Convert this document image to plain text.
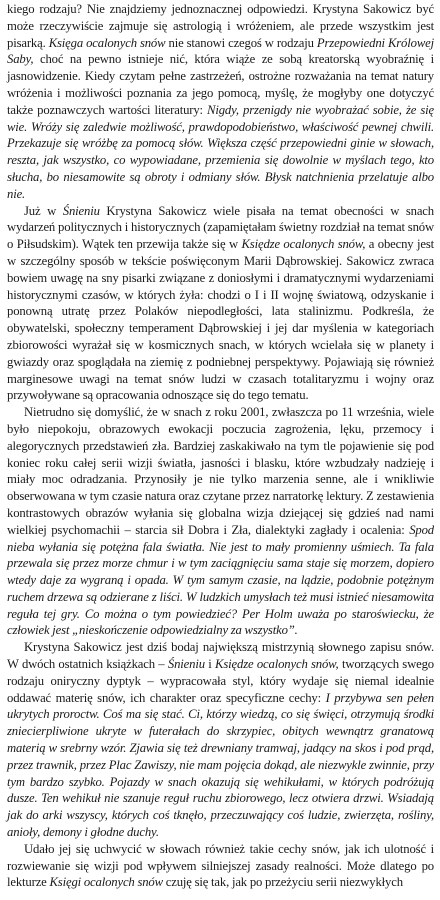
kiego rodzaju? Nie znajdziemy jednoznacznej odpowiedzi. Krystyna Sakowicz być może rzeczywiście zajmuje się astrologią i wróżeniem, ale przede wszystkim jest pisarką. Księga ocalonych snów nie stanowi czegoś w rodzaju Przepowiedni Królowej Saby, choć na pewno istnieje nić, która wiąże ze sobą kreatorską wyobraźnię i jasnowidzenie. Kiedy czytam pełne zastrzeżeń, ostrożne rozważania na temat natury wróżenia i możliwości poznania za jego pomocą, myślę, że mogłyby one dotyczyć także poznawczych wartości literatury: Nigdy, przenigdy nie wyobrażać sobie, że się wie. Wróży się zaledwie możliwość, prawdopodobieństwo, właściwość pewnej chwili. Przekazuje się wróżbę za pomocą słów. Większa część przepowiedni ginie w słowach, reszta, jak wszystko, co wypowiadane, przemienia się dowolnie w myślach tego, kto słucha, bo niesamowite są obroty i odmiany słów. Błysk natchnienia przelatuje albo nie.

Już w Śnieniu Krystyna Sakowicz wiele pisała na temat obecności w snach wydarzeń politycznych i historycznych (zapamiętałam świetny rozdział na temat snów o Piłsudskim). Wątek ten przewija także się w Księdze ocalonych snów, a obecny jest w szczególny sposób w tekście poświęconym Marii Dąbrowskiej. Sakowicz zwraca bowiem uwagę na sny pisarki związane z doniosłymi i dramatycznymi wydarzeniami historycznymi czasów, w których żyła: chodzi o I i II wojnę światową, odzyskanie i ponowną utratę przez Polaków niepodległości, lata stalinizmu. Podkreśla, że obywatelski, społeczny temperament Dąbrowskiej i jej dar myślenia w kategoriach zbiorowości wyrażał się w kosmicznych snach, w których wcielała się w planety i gwiazdy oraz spoglądała na ziemię z podniebnej perspektywy. Pojawiają się również marginesowe uwagi na temat snów ludzi w czasach totalitaryzmu i wojny oraz przywoływane są opracowania odnoszące się do tego tematu.

Nietrudno się domyślić, że w snach z roku 2001, zwłaszcza po 11 września, wiele było niepokoju, obrazowych ewokacji poczucia zagrożenia, lęku, przemocy i alegorycznych przedstawień zła. Bardziej zaskakiwało na tym tle pojawienie się pod koniec roku całej serii wizji światła, jasności i blasku, które wzbudzały nadzieję i miały moc odradzania. Przynosiły je nie tylko marzenia senne, ale i wnikliwie obserwowana w tym czasie natura oraz czytane przez narratorkę lektury. Z zestawienia kontrastowych obrazów wyłania się globalna wizja dziejącej się gdzieś nad nami wielkiej psychomachii – starcia sił Dobra i Zła, dialektyki zagłady i ocalenia: Spod nieba wyłania się potężna fala światła. Nie jest to mały promienny uśmiech. Ta fala przewala się przez morze chmur i w tym zaciągnięciu sama staje się morzem, dopiero wtedy daje za wygraną i opada. W tym samym czasie, na lądzie, podobnie potężnym ruchem drzewa są odzierane z liści. W ludzkich umysłach też musi istnieć niesamowita reguła tej gry. Co można o tym powiedzieć? Per Holm uważa po staroświecku, że człowiek jest „nieskończenie odpowiedzialny za wszystko”.

Krystyna Sakowicz jest dziś bodaj największą mistrzynią słownego zapisu snów. W dwóch ostatnich książkach – Śnieniu i Księdze ocalonych snów, tworzących swego rodzaju oniryczny dyptyk – wypracowała styl, który wydaje się niemal idealnie oddawać materię snów, ich charakter oraz specyficzne cechy: I przybywa sen pełen ukrytych proroctw. Coś ma się stać. Ci, którzy wiedzą, co się święci, otrzymują środki zniecierpliwione ukryte w futerałach do skrzypiec, obitych wewnątrz granatową materią w srebrny wzór. Zjawia się też drewniany tramwaj, jadący na skos i pod prąd, przez trawnik, przez Plac Zawiszy, nie mam pojęcia dokąd, ale niezwykle zwinnie, przy tym bardzo szybko. Pojazdy w snach okazują się wehikułami, w których podróżują dusze. Ten wehikuł nie szanuje reguł ruchu zbiorowego, lecz otwiera drzwi. Wsiadają jak do arki wszyscy, których coś tknęło, przeczuwający coś ludzie, zwierzęta, rośliny, anioły, demony i głodne duchy.

Udało jej się uchwycić w słowach również takie cechy snów, jak ich ulotność i rozwiewanie się wizji pod wpływem silniejszej zasady realności. Może dlatego po lekturze Księgi ocalonych snów czuję się tak, jak po przeżyciu serii niezwykłych
